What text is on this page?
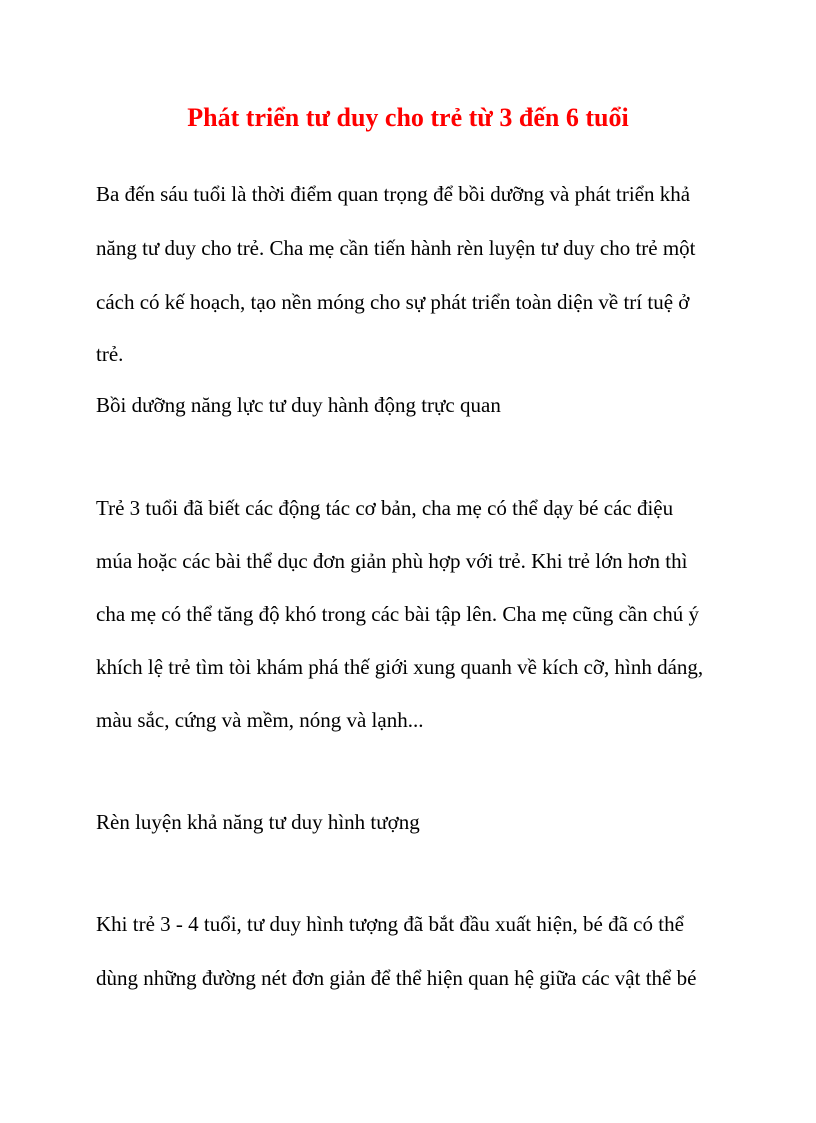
Phát triển tư duy cho trẻ từ 3 đến 6 tuổi

Ba đến sáu tuổi là thời điểm quan trọng để bồi dưỡng và phát triển khả

năng tư duy cho trẻ. Cha mẹ cần tiến hành rèn luyện tư duy cho trẻ một

cách có kế hoạch, tạo nền móng cho sự phát triển toàn diện về trí tuệ ở

trẻ.

Bồi dưỡng năng lực tư duy hành động trực quan

Trẻ 3 tuổi đã biết các động tác cơ bản, cha mẹ có thể dạy bé các điệu

múa hoặc các bài thể dục đơn giản phù hợp với trẻ. Khi trẻ lớn hơn thì

cha mẹ có thể tăng độ khó trong các bài tập lên. Cha mẹ cũng cần chú ý

khích lệ trẻ tìm tòi khám phá thế giới xung quanh về kích cỡ, hình dáng,

màu sắc, cứng và mềm, nóng và lạnh...

Rèn luyện khả năng tư duy hình tượng

Khi trẻ 3 - 4 tuổi, tư duy hình tượng đã bắt đầu xuất hiện, bé đã có thể

dùng những đường nét đơn giản để thể hiện quan hệ giữa các vật thể bé
